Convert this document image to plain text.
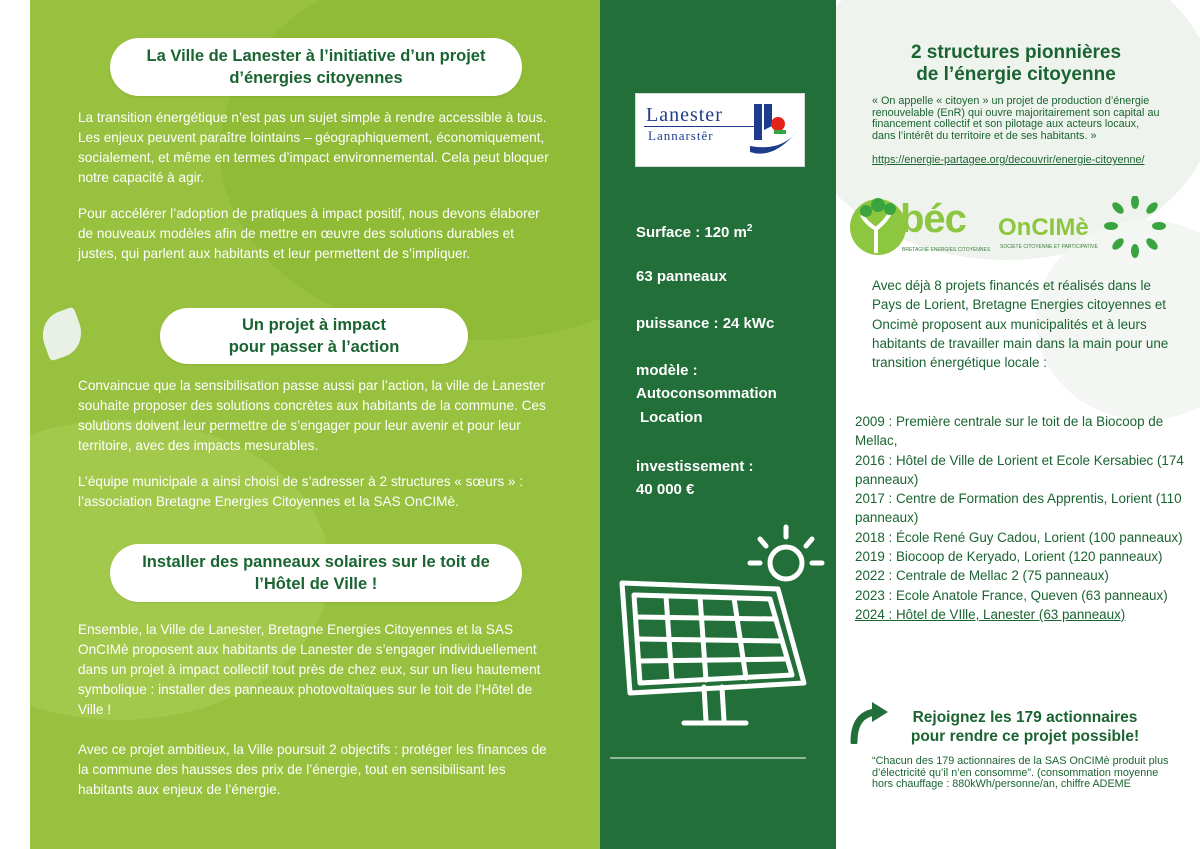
La Ville de Lanester à l’initiative d’un projet
d’énergies citoyennes
La transition énergétique n’est pas un sujet simple à rendre accessible à tous. Les enjeux peuvent paraître lointains – géographiquement, économiquement, socialement, et même en termes d’impact environnemental. Cela peut bloquer notre capacité à agir.
Pour accélérer l’adoption de pratiques à impact positif, nous devons élaborer de nouveaux modèles afin de mettre en œuvre des solutions durables et justes, qui parlent aux habitants et leur permettent de s’impliquer.
Un projet à impact
pour passer à l’action
Convaincue que la sensibilisation passe aussi par l’action, la ville de Lanester souhaite proposer des solutions concrètes aux habitants de la commune. Ces solutions doivent leur permettre de s’engager pour leur avenir et pour leur territoire, avec des impacts mesurables.
L’équipe municipale a ainsi choisi de s’adresser à 2 structures « sœurs » : l’association Bretagne Energies Citoyennes et la SAS OnCIMè.
Installer des panneaux solaires sur le toit de
l’Hôtel de Ville !
Ensemble, la Ville de Lanester, Bretagne Energies Citoyennes et la SAS OnCIMè proposent aux habitants de Lanester de s’engager individuellement dans un projet à impact collectif tout près de chez eux, sur un lieu hautement symbolique : installer des panneaux photovoltaïques sur le toit de l’Hôtel de Ville !
Avec ce projet ambitieux, la Ville poursuit 2 objectifs : protéger les finances de la commune des hausses des prix de l’énergie, tout en sensibilisant les habitants aux enjeux de l’énergie.
Lanester
Lannarstêr
Surface : 120 $m^2$
63 panneaux
puissance : 24 kWc
modèle :
Autoconsommation
Location
investissement :
40 000 €
2 structures pionnières
de l’énergie citoyenne
« On appelle « citoyen » un projet de production d’énergie renouvelable (EnR) qui ouvre majoritairement son capital au financement collectif et son pilotage aux acteurs locaux, dans l’intérêt du territoire et de ses habitants. »
https://energie-partagee.org/decouvrir/energie-citoyenne/
béc
BRETAGNE ENERGIES CITOYENNES
OnCIMè
SOCIETE CITOYENNE ET PARTICIPATIVE
Avec déjà 8 projets financés et réalisés dans le Pays de Lorient, Bretagne Energies citoyennes et Oncimè proposent aux municipalités et à leurs habitants de travailler main dans la main pour une transition énergétique locale :
2009 : Première centrale sur le toit de la Biocoop de Mellac,
2016 : Hôtel de Ville de Lorient et Ecole Kersabiec (174 panneaux)
2017 : Centre de Formation des Apprentis, Lorient (110 panneaux)
2018 : École René Guy Cadou, Lorient (100 panneaux)
2019 : Biocoop de Keryado, Lorient (120 panneaux)
2022 : Centrale de Mellac 2 (75 panneaux)
2023 : Ecole Anatole France, Queven (63 panneaux)
2024 : Hôtel de VIlle, Lanester (63 panneaux)
Rejoignez les 179 actionnaires
pour rendre ce projet possible!
“Chacun des 179 actionnaires de la SAS OnCIMè produit plus d’électricité qu’il n’en consomme”. (consommation moyenne hors chauffage : 880kWh/personne/an, chiffre ADEME
